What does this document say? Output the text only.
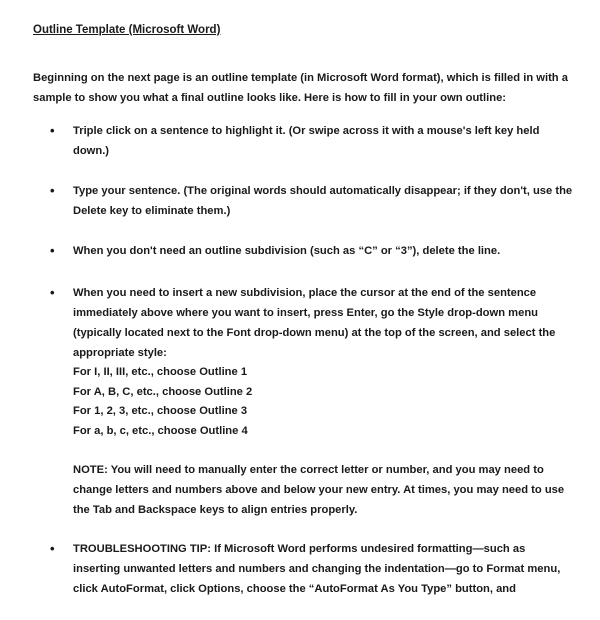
Outline Template (Microsoft Word)

Beginning on the next page is an outline template (in Microsoft Word format), which is filled in with a sample to show you what a final outline looks like. Here is how to fill in your own outline:

• Triple click on a sentence to highlight it. (Or swipe across it with a mouse's left key held down.)

• Type your sentence. (The original words should automatically disappear; if they don't, use the Delete key to eliminate them.)

• When you don't need an outline subdivision (such as “C” or “3”), delete the line.

• When you need to insert a new subdivision, place the cursor at the end of the sentence immediately above where you want to insert, press Enter, go the Style drop-down menu (typically located next to the Font drop-down menu) at the top of the screen, and select the appropriate style:

For I, II, III, etc., choose Outline 1

For A, B, C, etc., choose Outline 2

For 1, 2, 3, etc., choose Outline 3

For a, b, c, etc., choose Outline 4

NOTE: You will need to manually enter the correct letter or number, and you may need to change letters and numbers above and below your new entry. At times, you may need to use the Tab and Backspace keys to align entries properly.

• TROUBLESHOOTING TIP: If Microsoft Word performs undesired formatting—such as inserting unwanted letters and numbers and changing the indentation—go to Format menu, click AutoFormat, click Options, choose the “AutoFormat As You Type” button, and
